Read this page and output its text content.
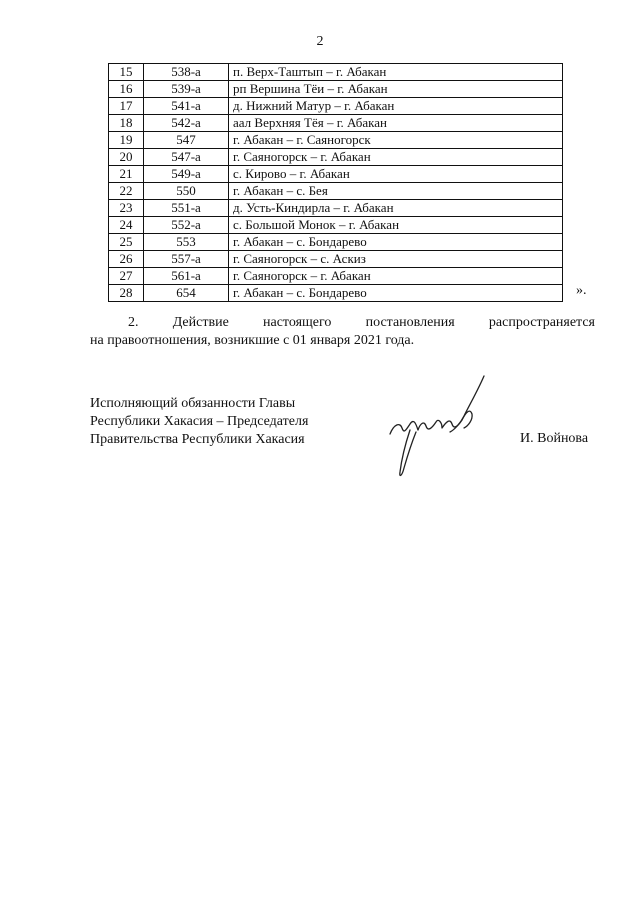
2
15	538-а	п. Верх-Таштып – г. Абакан
16	539-а	рп Вершина Тёи – г. Абакан
17	541-а	д. Нижний Матур – г. Абакан
18	542-а	аал Верхняя Тёя – г. Абакан
19	547	г. Абакан – г. Саяногорск
20	547-а	г. Саяногорск – г. Абакан
21	549-а	с. Кирово – г. Абакан
22	550	г. Абакан – с. Бея
23	551-а	д. Усть-Киндирла – г. Абакан
24	552-а	с. Большой Монок – г. Абакан
25	553	г. Абакан – с. Бондарево
26	557-а	г. Саяногорск – с. Аскиз
27	561-а	г. Саяногорск – г. Абакан
28	654	г. Абакан – с. Бондарево	».
2. Действие настоящего постановления распространяется
на правоотношения, возникшие с 01 января 2021 года.
Исполняющий обязанности Главы
Республики Хакасия – Председателя
Правительства Республики Хакасия	И. Войнова
